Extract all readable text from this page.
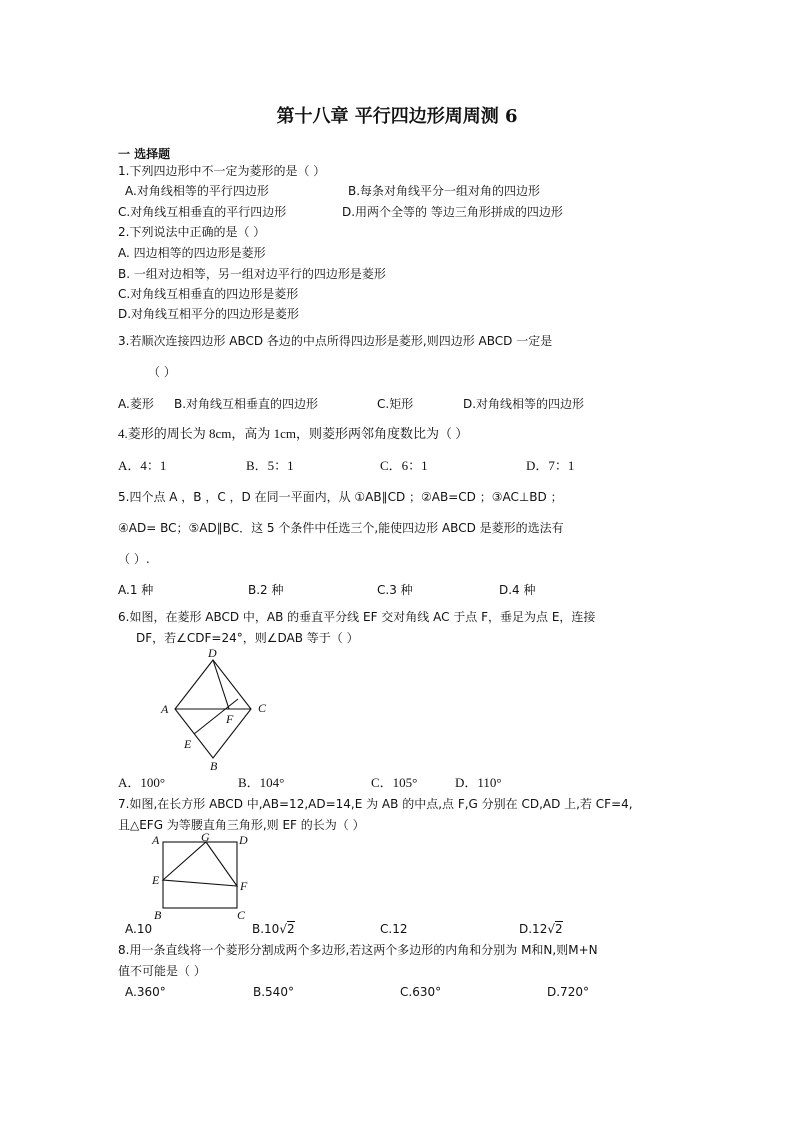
第十八章 平行四边形周周测 6
一 选择题
1.下列四边形中不一定为菱形的是（ ）
A.对角线相等的平行四边形	B.每条对角线平分一组对角的四边形
C.对角线互相垂直的平行四边形	D.用两个全等的 等边三角形拼成的四边形
2.下列说法中正确的是（ ）
A. 四边相等的四边形是菱形
B. 一组对边相等，另一组对边平行的四边形是菱形
C.对角线互相垂直的四边形是菱形
D.对角线互相平分的四边形是菱形
3.若顺次连接四边形 ABCD 各边的中点所得四边形是菱形,则四边形 ABCD 一定是
（ ）
A.菱形 B.对角线互相垂直的四边形	C.矩形	D.对角线相等的四边形
4.菱形的周长为 8cm，高为 1cm，则菱形两邻角度数比为（ ）
A．4：1	B．5：1	C．6：1	D．7：1
5.四个点 A ，B ，C ，D 在同一平面内，从 ①AB∥CD ；②AB=CD ；③AC⊥BD ；
④AD= BC；⑤AD∥BC．这 5 个条件中任选三个,能使四边形 ABCD 是菱形的选法有
（ ）.
A.1 种	B.2 种	C.3 种	D.4 种
6.如图，在菱形 ABCD 中，AB 的垂直平分线 EF 交对角线 AC 于点 F，垂足为点 E，连接
DF，若∠CDF=24°，则∠DAB 等于（ ）
D
A
F
C
E
B
A．100°	B．104°	C．105°	D．110°
7.如图,在长方形 ABCD 中,AB=12,AD=14,E 为 AB 的中点,点 F,G 分别在 CD,AD 上,若 CF=4,
且△EFG 为等腰直角三角形,则 EF 的长为（ ）
A	G D
E	F
B	C
A.10	B.10√2	C.12	D.12√2
8.用一条直线将一个菱形分割成两个多边形,若这两个多边形的内角和分别为 M和N,则M+N
值不可能是（ ）
A.360°	B.540°	C.630°	D.720°
